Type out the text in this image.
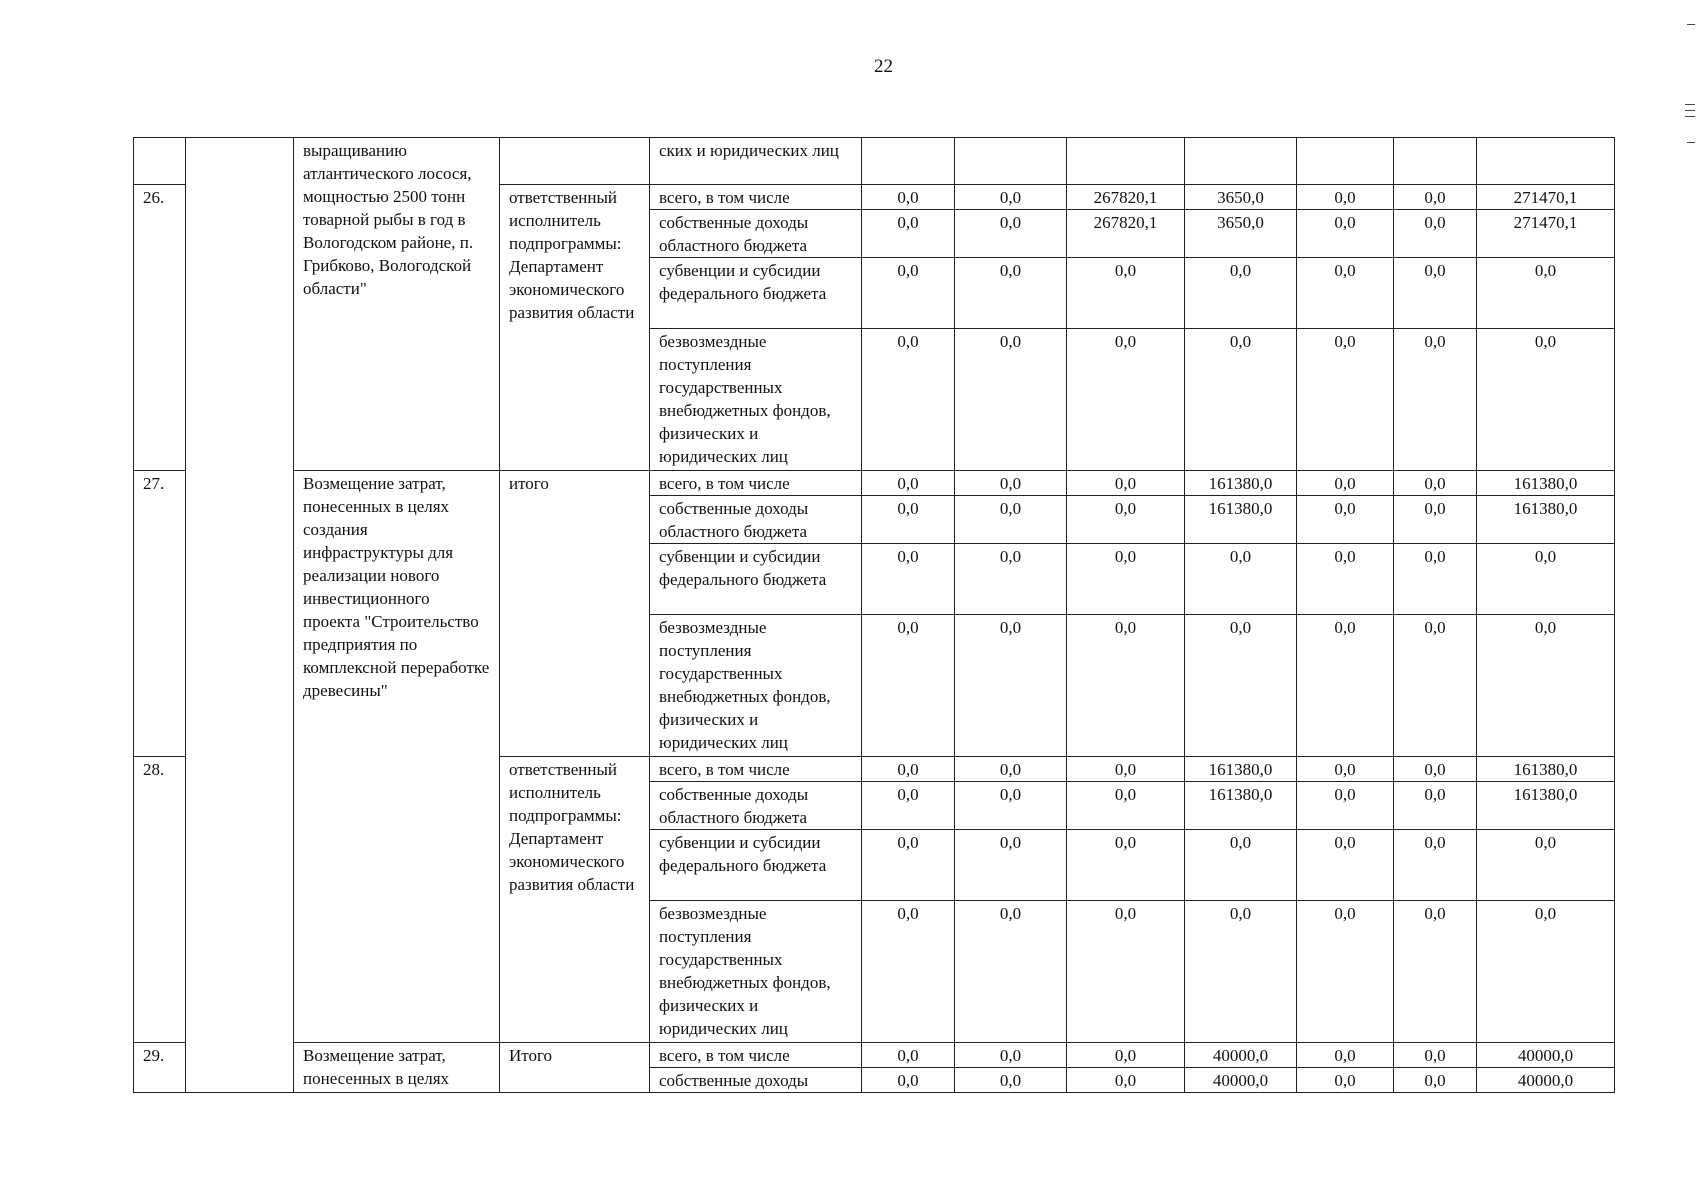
22
		выращиванию атлантического лосося, мощностью 2500 тонн товарной рыбы в год в Вологодском районе, п. Грибково, Вологодской области"		ских и юридических лиц							
26.			ответственный исполнитель подпрограммы: Департамент экономического развития области	всего, в том числе	0,0	0,0	267820,1	3650,0	0,0	0,0	271470,1
				собственные доходы областного бюджета	0,0	0,0	267820,1	3650,0	0,0	0,0	271470,1
				субвенции и субсидии федерального бюджета	0,0	0,0	0,0	0,0	0,0	0,0	0,0
				безвозмездные поступления государственных внебюджетных фондов, физических и юридических лиц	0,0	0,0	0,0	0,0	0,0	0,0	0,0
27.		Возмещение затрат, понесенных в целях создания инфраструктуры для реализации нового инвестиционного проекта "Строительство предприятия по комплексной переработке древесины"	итого	всего, в том числе	0,0	0,0	0,0	161380,0	0,0	0,0	161380,0
				собственные доходы областного бюджета	0,0	0,0	0,0	161380,0	0,0	0,0	161380,0
				субвенции и субсидии федерального бюджета	0,0	0,0	0,0	0,0	0,0	0,0	0,0
				безвозмездные поступления государственных внебюджетных фондов, физических и юридических лиц	0,0	0,0	0,0	0,0	0,0	0,0	0,0
28.			ответственный исполнитель подпрограммы: Департамент экономического развития области	всего, в том числе	0,0	0,0	0,0	161380,0	0,0	0,0	161380,0
				собственные доходы областного бюджета	0,0	0,0	0,0	161380,0	0,0	0,0	161380,0
				субвенции и субсидии федерального бюджета	0,0	0,0	0,0	0,0	0,0	0,0	0,0
				безвозмездные поступления государственных внебюджетных фондов, физических и юридических лиц	0,0	0,0	0,0	0,0	0,0	0,0	0,0
29.		Возмещение затрат, понесенных в целях	Итого	всего, в том числе	0,0	0,0	0,0	40000,0	0,0	0,0	40000,0
				собственные доходы	0,0	0,0	0,0	40000,0	0,0	0,0	40000,0
